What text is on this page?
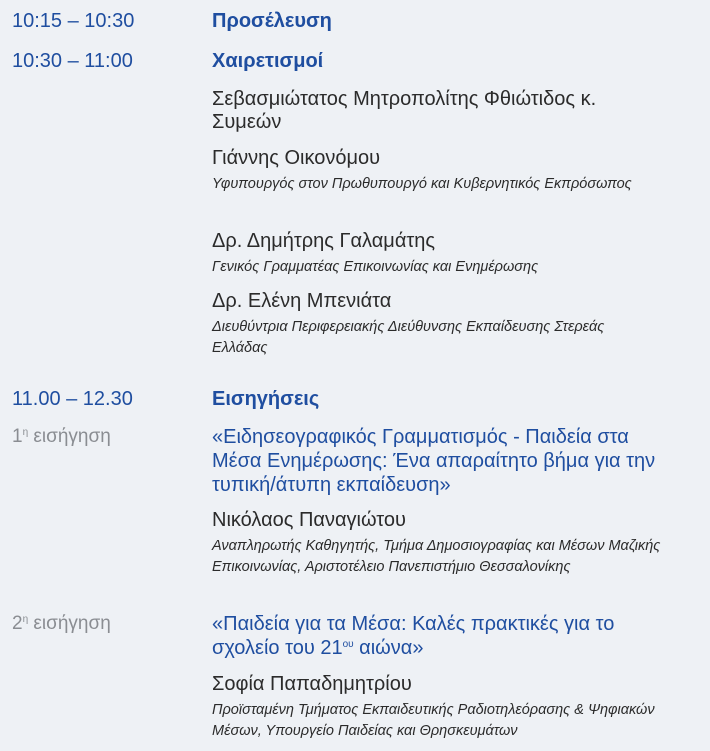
10:15 – 10:30	Προσέλευση
10:30 – 11:00	Χαιρετισμοί
Σεβασμιώτατος Μητροπολίτης Φθιώτιδος κ. Συμεών
Γιάννης Οικονόμου
Υφυπουργός στον Πρωθυπουργό και Κυβερνητικός Εκπρόσωπος
Δρ. Δημήτρης Γαλαμάτης
Γενικός Γραμματέας Επικοινωνίας και Ενημέρωσης
Δρ. Ελένη Μπενιάτα
Διευθύντρια Περιφερειακής Διεύθυνσης Εκπαίδευσης Στερεάς Ελλάδας
11.00 – 12.30	Εισηγήσεις
$1^\eta$ εισήγηση	«Ειδησεογραφικός Γραμματισμός - Παιδεία στα Μέσα Ενημέρωσης: Ένα απαραίτητο βήμα για την τυπική/άτυπη εκπαίδευση»
Νικόλαος Παναγιώτου
Αναπληρωτής Καθηγητής, Τμήμα Δημοσιογραφίας και Μέσων Μαζικής Επικοινωνίας, Αριστοτέλειο Πανεπιστήμιο Θεσσαλονίκης
$2^\eta$ εισήγηση	«Παιδεία για τα Μέσα: Καλές πρακτικές για το σχολείο του $21^{o\upsilon}$ αιώνα»
Σοφία Παπαδημητρίου
Προϊσταμένη Τμήματος Εκπαιδευτικής Ραδιοτηλεόρασης & Ψηφιακών Μέσων, Υπουργείο Παιδείας και Θρησκευμάτων
